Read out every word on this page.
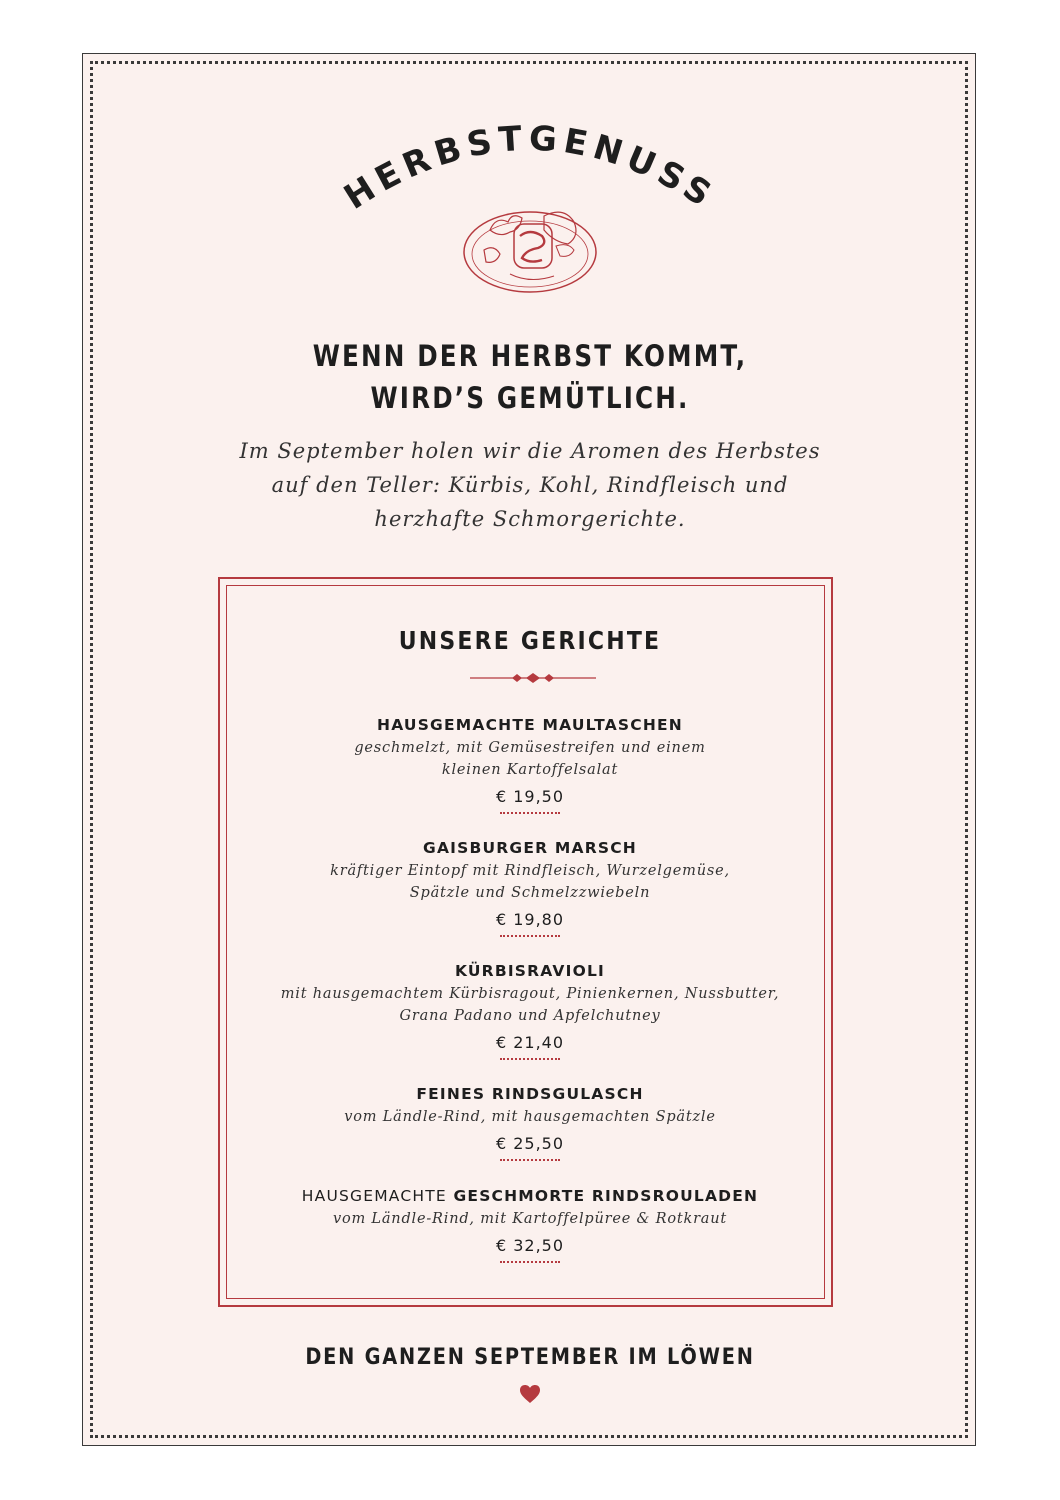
HERBSTGENUSS
WENN DER HERBST KOMMT,
WIRD’S GEMÜTLICH.
Im September holen wir die Aromen des Herbstes
auf den Teller: Kürbis, Kohl, Rindfleisch und
herzhafte Schmorgerichte.
UNSERE GERICHTE
HAUSGEMACHTE MAULTASCHEN
geschmelzt, mit Gemüsestreifen und einem
kleinen Kartoffelsalat
€ 19,50
GAISBURGER MARSCH
kräftiger Eintopf mit Rindfleisch, Wurzelgemüse,
Spätzle und Schmelzzwiebeln
€ 19,80
KÜRBISRAVIOLI
mit hausgemachtem Kürbisragout, Pinienkernen, Nussbutter,
Grana Padano und Apfelchutney
€ 21,40
FEINES RINDSGULASCH
vom Ländle-Rind, mit hausgemachten Spätzle
€ 25,50
HAUSGEMACHTE GESCHMORTE RINDSROULADEN
vom Ländle-Rind, mit Kartoffelpüree & Rotkraut
€ 32,50
DEN GANZEN SEPTEMBER IM LÖWEN
